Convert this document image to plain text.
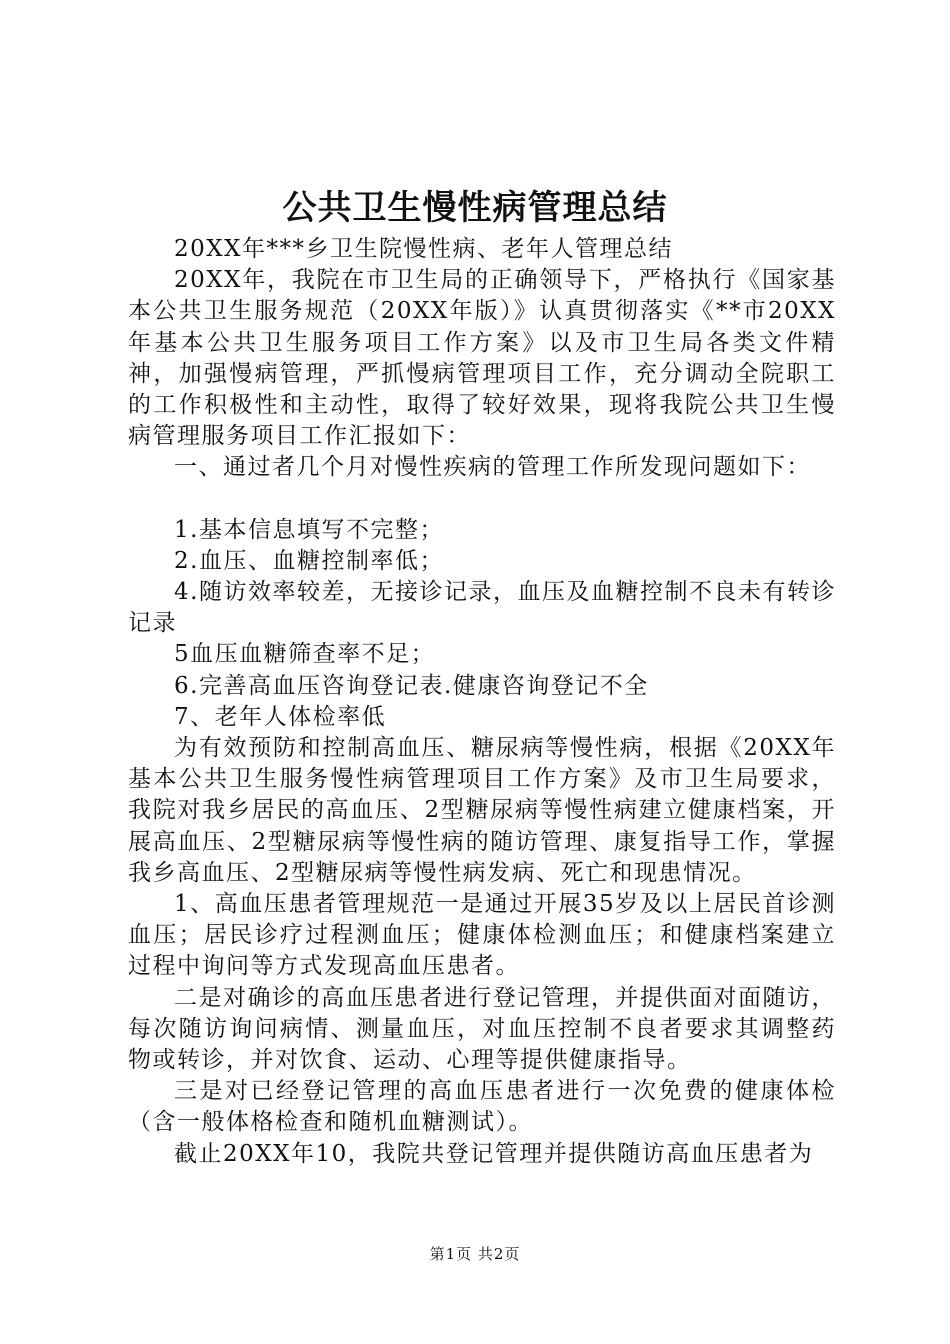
公共卫生慢性病管理总结

20XX年***乡卫生院慢性病、老年人管理总结

20XX年，我院在市卫生局的正确领导下，严格执行《国家基本公共卫生服务规范（20XX年版）》认真贯彻落实《**市20XX年基本公共卫生服务项目工作方案》以及市卫生局各类文件精神，加强慢病管理，严抓慢病管理项目工作，充分调动全院职工的工作积极性和主动性，取得了较好效果，现将我院公共卫生慢病管理服务项目工作汇报如下：

一、通过者几个月对慢性疾病的管理工作所发现问题如下：

1.基本信息填写不完整；

2.血压、血糖控制率低；

4.随访效率较差，无接诊记录，血压及血糖控制不良未有转诊记录

5血压血糖筛查率不足；

6.完善高血压咨询登记表.健康咨询登记不全

7、老年人体检率低

为有效预防和控制高血压、糖尿病等慢性病，根据《20XX年基本公共卫生服务慢性病管理项目工作方案》及市卫生局要求，我院对我乡居民的高血压、2型糖尿病等慢性病建立健康档案，开展高血压、2型糖尿病等慢性病的随访管理、康复指导工作，掌握我乡高血压、2型糖尿病等慢性病发病、死亡和现患情况。

1、高血压患者管理规范一是通过开展35岁及以上居民首诊测血压；居民诊疗过程测血压；健康体检测血压；和健康档案建立过程中询问等方式发现高血压患者。

二是对确诊的高血压患者进行登记管理，并提供面对面随访，每次随访询问病情、测量血压，对血压控制不良者要求其调整药物或转诊，并对饮食、运动、心理等提供健康指导。

三是对已经登记管理的高血压患者进行一次免费的健康体检（含一般体格检查和随机血糖测试）。

截止20XX年10，我院共登记管理并提供随访高血压患者为

第1页 共2页
